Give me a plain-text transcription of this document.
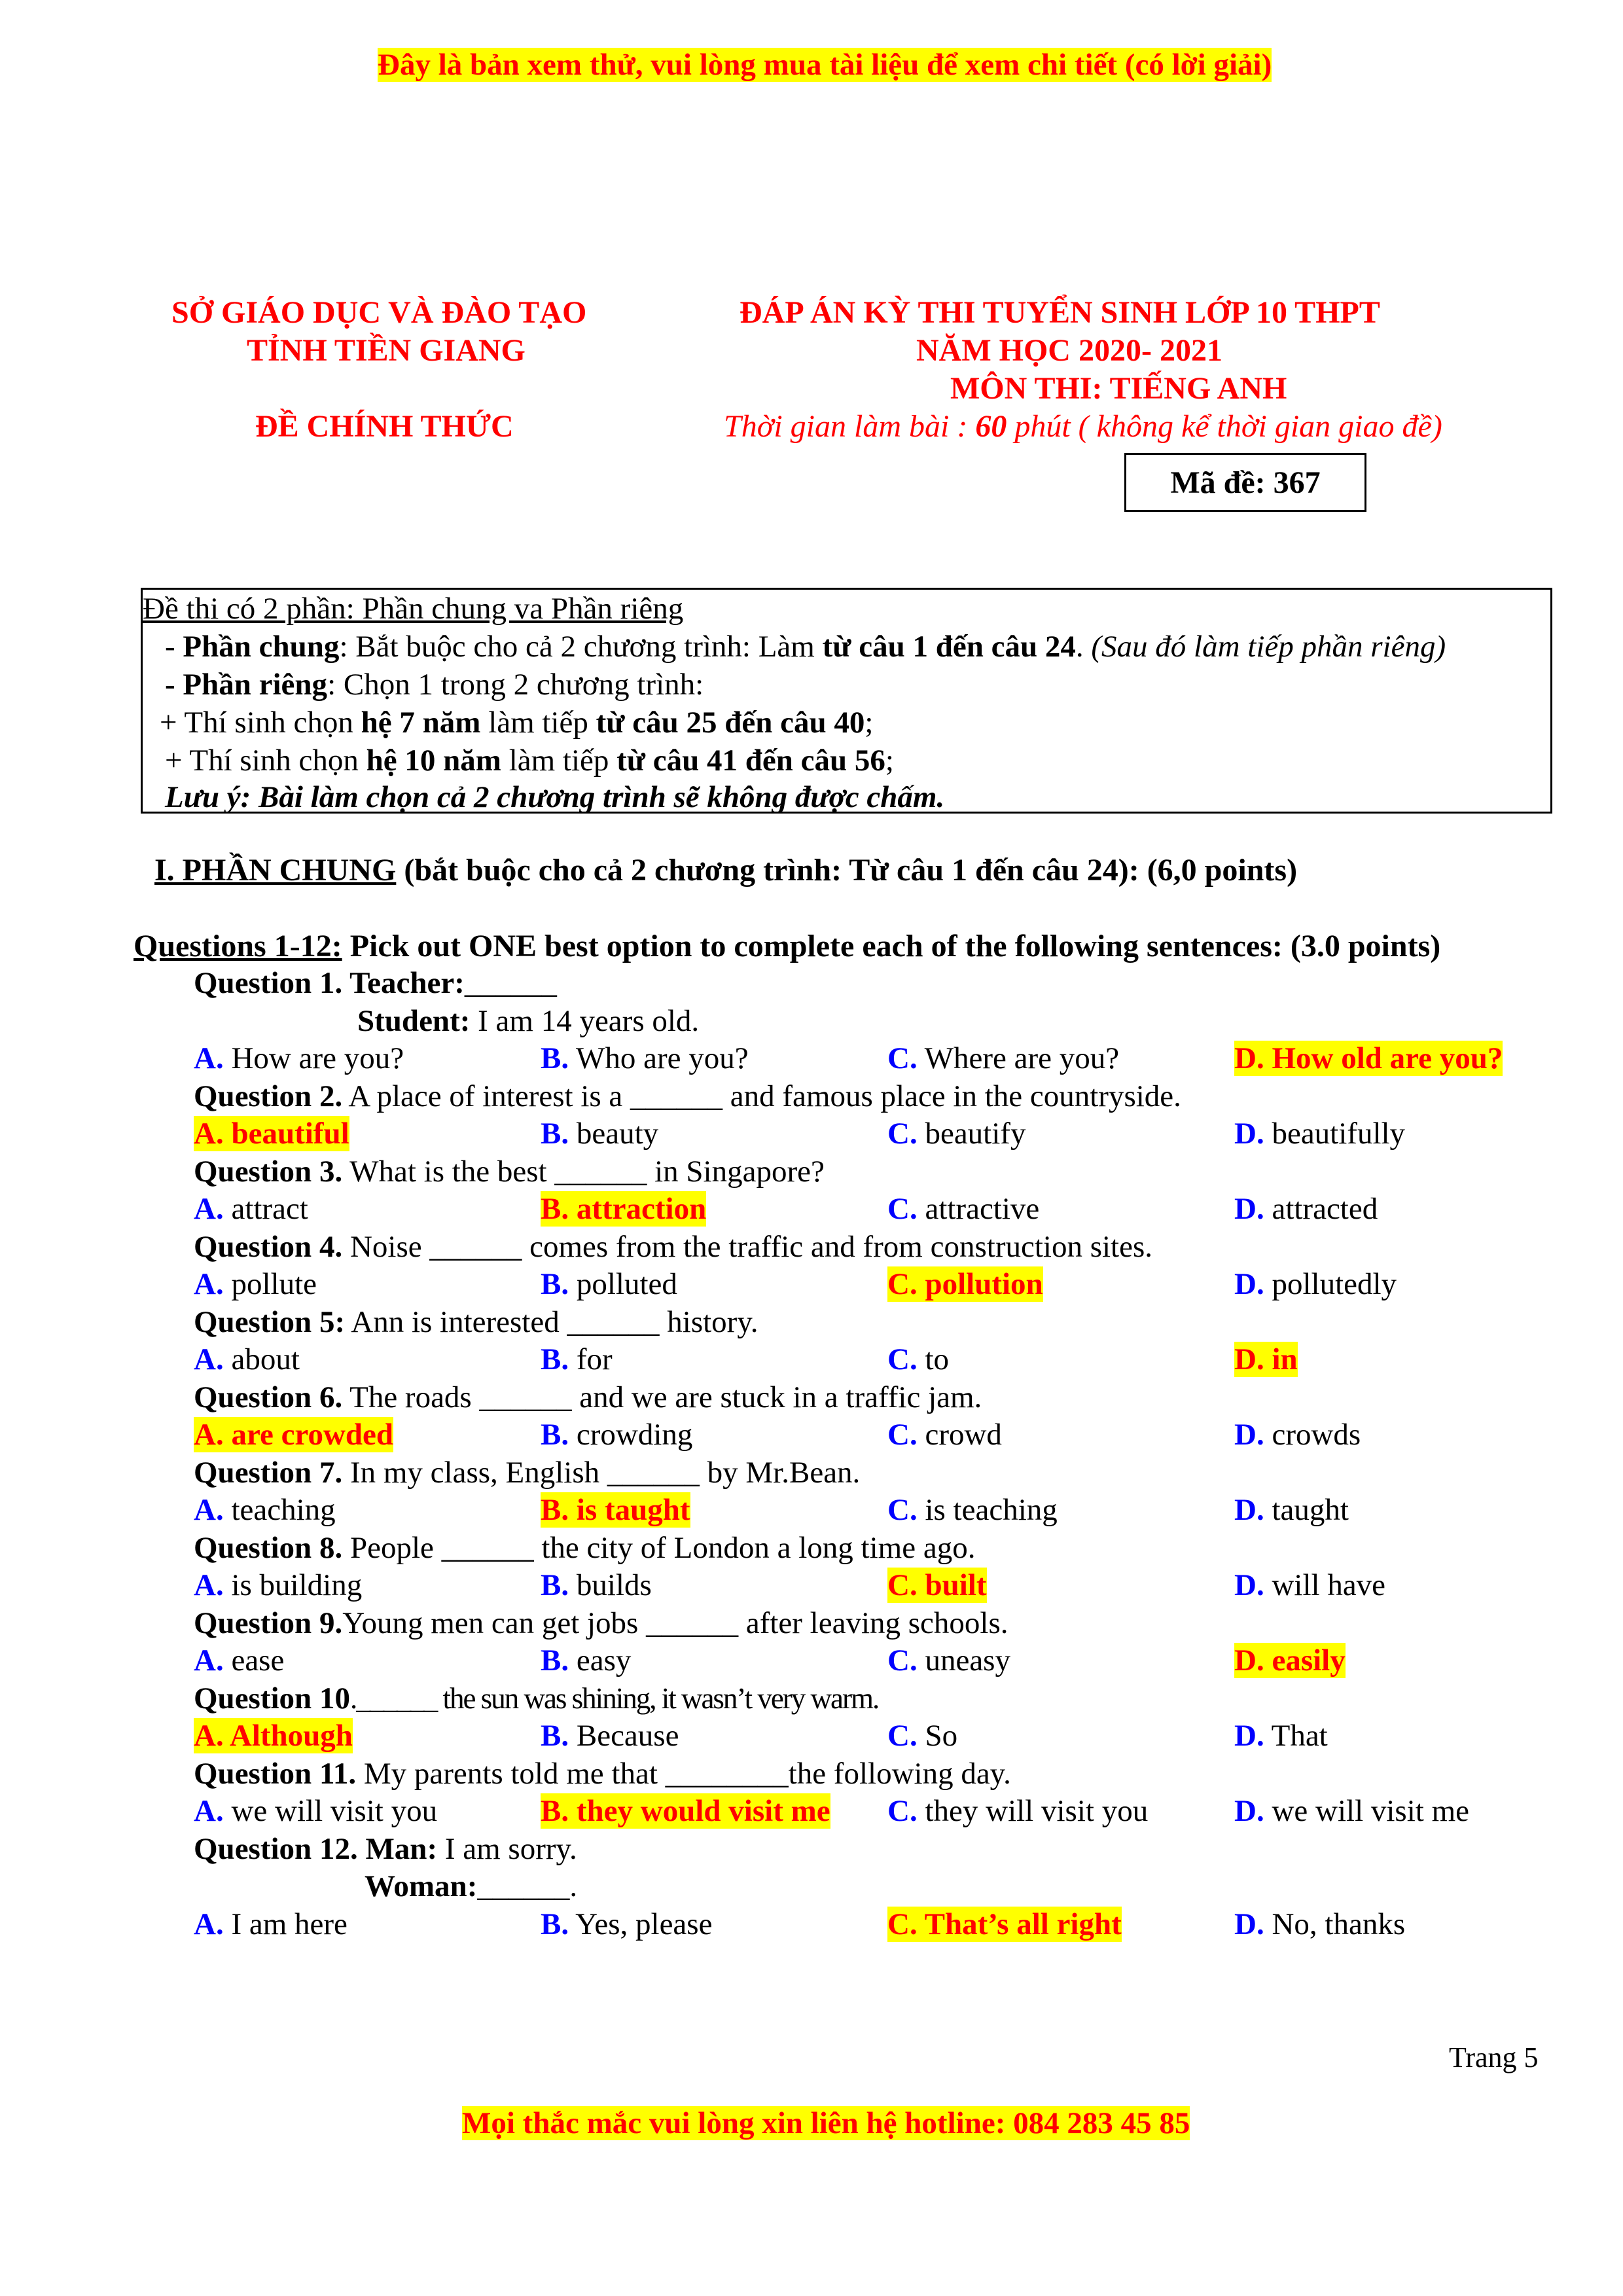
Đây là bản xem thử, vui lòng mua tài liệu để xem chi tiết (có lời giải)
SỞ GIÁO DỤC VÀ ĐÀO TẠO
TỈNH TIỀN GIANG
ĐỀ CHÍNH THỨC
ĐÁP ÁN KỲ THI TUYỂN SINH LỚP 10 THPT
NĂM HỌC 2020- 2021
MÔN THI: TIẾNG ANH
Thời gian làm bài : 60 phút ( không kể thời gian giao đề)
Mã đề: 367
Đề thi có 2 phần: Phần chung va Phần riêng
- Phần chung: Bắt buộc cho cả 2 chương trình: Làm từ câu 1 đến câu 24. (Sau đó làm tiếp phần riêng)
- Phần riêng: Chọn 1 trong 2 chương trình:
+ Thí sinh chọn hệ 7 năm làm tiếp từ câu 25 đến câu 40;
+ Thí sinh chọn hệ 10 năm làm tiếp từ câu 41 đến câu 56;
Lưu ý: Bài làm chọn cả 2 chương trình sẽ không được chấm.
I. PHẦN CHUNG (bắt buộc cho cả 2 chương trình: Từ câu 1 đến câu 24): (6,0 points)
Questions 1-12: Pick out ONE best option to complete each of the following sentences: (3.0 points)
Question 1. Teacher:______
Student: I am 14 years old.
A. How are you?	B. Who are you?	C. Where are you?	D. How old are you?
Question 2. A place of interest is a ______ and famous place in the countryside.
A. beautiful	B. beauty	C. beautify	D. beautifully
Question 3. What is the best ______ in Singapore?
A. attract	B. attraction	C. attractive	D. attracted
Question 4. Noise ______ comes from the traffic and from construction sites.
A. pollute	B. polluted	C. pollution	D. pollutedly
Question 5: Ann is interested ______ history.
A. about	B. for	C. to	D. in
Question 6. The roads ______ and we are stuck in a traffic jam.
A. are crowded	B. crowding	C. crowd	D. crowds
Question 7. In my class, English ______ by Mr.Bean.
A. teaching	B. is taught	C. is teaching	D. taught
Question 8. People ______ the city of London a long time ago.
A. is building	B. builds	C. built	D. will have
Question 9.Young men can get jobs ______ after leaving schools.
A. ease	B. easy	C. uneasy	D. easily
Question 10.______ the sun was shining, it wasn’t very warm.
A. Although	B. Because	C. So	D. That
Question 11. My parents told me that ________the following day.
A. we will visit you	B. they would visit me C. they will visit you	D. we will visit me
Question 12. Man: I am sorry.
Woman:______.
A. I am here	B. Yes, please	C. That’s all right	D. No, thanks
Trang 5
Mọi thắc mắc vui lòng xin liên hệ hotline: 084 283 45 85
